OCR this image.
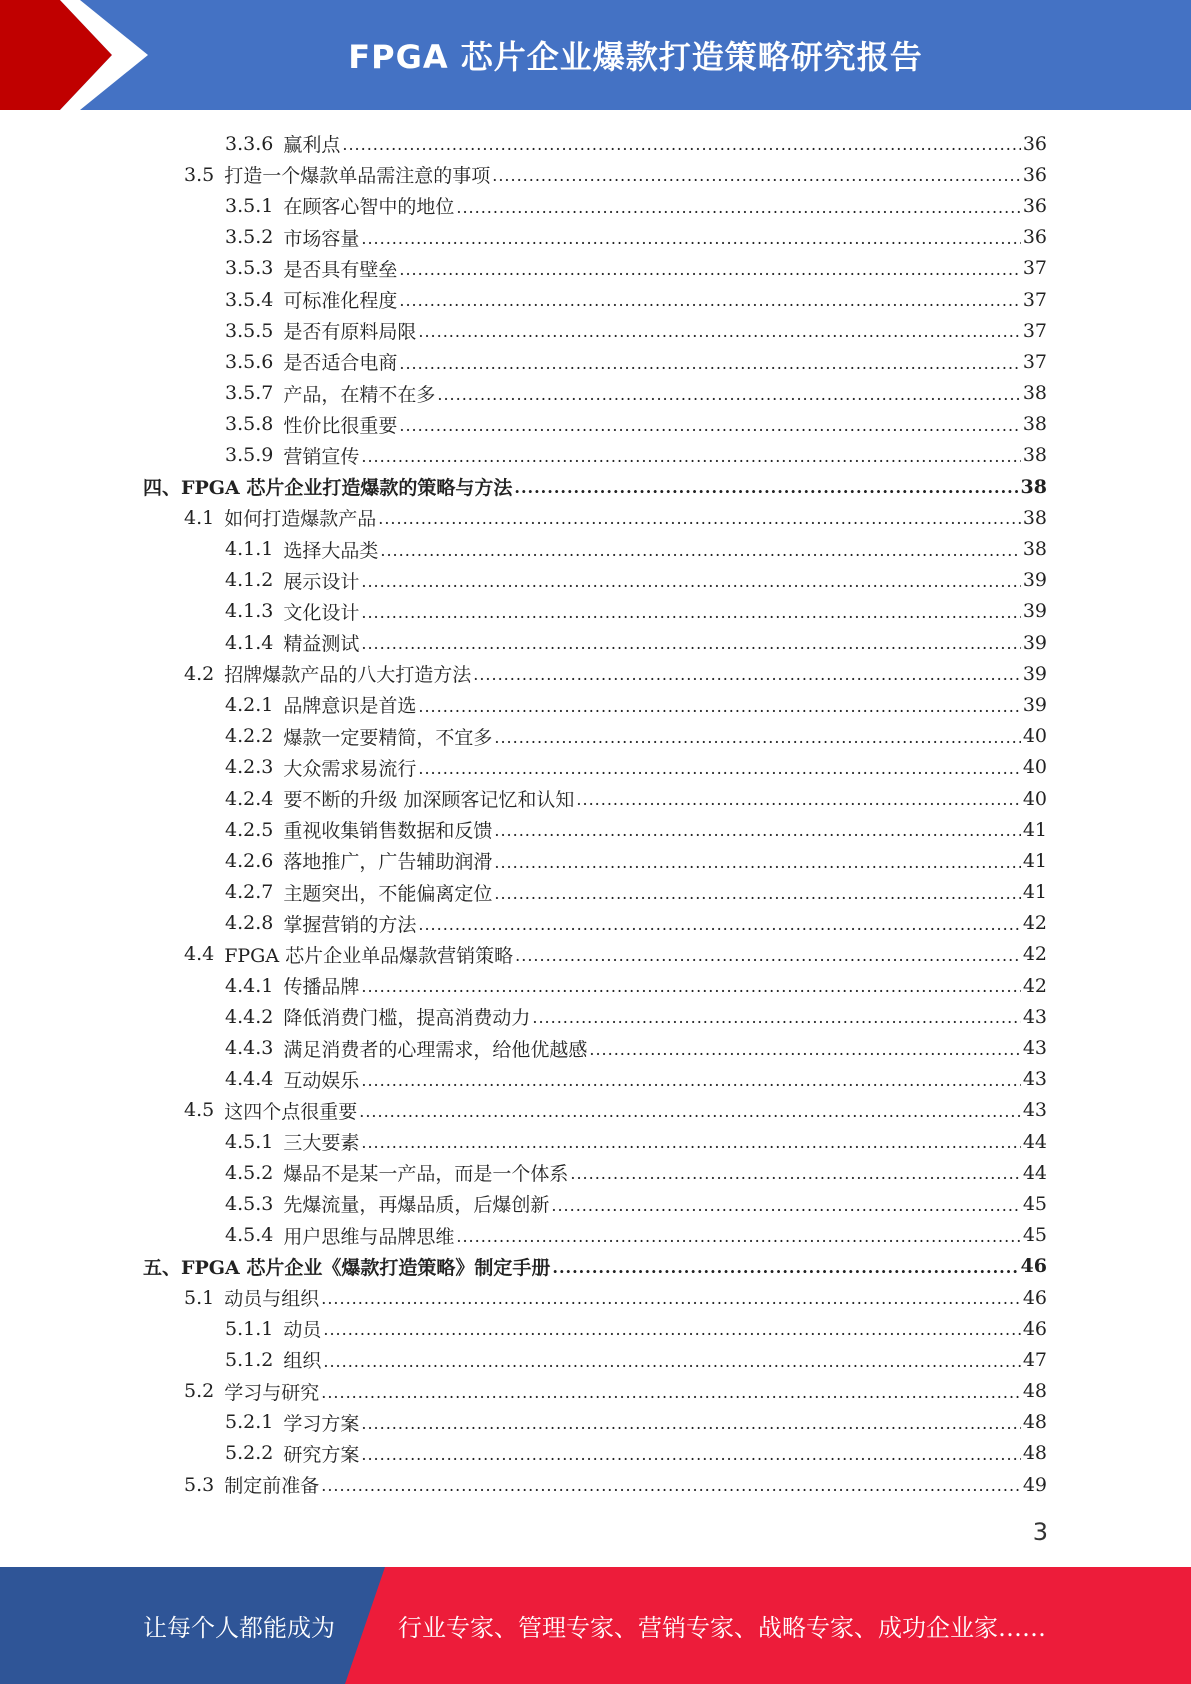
FPGA 芯片企业爆款打造策略研究报告
3.3.6 赢利点 .....	36
3.5 打造一个爆款单品需注意的事项 .....	36
3.5.1 在顾客心智中的地位 .....	36
3.5.2 市场容量 .....	36
3.5.3 是否具有壁垒 .....	37
3.5.4 可标准化程度 .....	37
3.5.5 是否有原料局限 .....	37
3.5.6 是否适合电商 .....	37
3.5.7 产品，在精不在多 .....	38
3.5.8 性价比很重要 .....	38
3.5.9 营销宣传 .....	38
四、 FPGA 芯片企业打造爆款的策略与方法 .....	38
4.1 如何打造爆款产品 .....	38
4.1.1 选择大品类 .....	38
4.1.2 展示设计 .....	39
4.1.3 文化设计 .....	39
4.1.4 精益测试 .....	39
4.2 招牌爆款产品的八大打造方法 .....	39
4.2.1 品牌意识是首选 .....	39
4.2.2 爆款一定要精简，不宜多 .....	40
4.2.3 大众需求易流行 .....	40
4.2.4 要不断的升级 加深顾客记忆和认知 .....	40
4.2.5 重视收集销售数据和反馈 .....	41
4.2.6 落地推广，广告辅助润滑 .....	41
4.2.7 主题突出，不能偏离定位 .....	41
4.2.8 掌握营销的方法 .....	42
4.4 FPGA 芯片企业单品爆款营销策略 .....	42
4.4.1 传播品牌 .....	42
4.4.2 降低消费门槛，提高消费动力 .....	43
4.4.3 满足消费者的心理需求，给他优越感 .....	43
4.4.4 互动娱乐 .....	43
4.5 这四个点很重要 .....	43
4.5.1 三大要素 .....	44
4.5.2 爆品不是某一产品，而是一个体系 .....	44
4.5.3 先爆流量，再爆品质，后爆创新 .....	45
4.5.4 用户思维与品牌思维 .....	45
五、 FPGA 芯片企业《爆款打造策略》制定手册 .....	46
5.1 动员与组织 .....	46
5.1.1 动员 .....	46
5.1.2 组织 .....	47
5.2 学习与研究 .....	48
5.2.1 学习方案 .....	48
5.2.2 研究方案 .....	48
5.3 制定前准备 .....	49
3
让每个人都能成为	行业专家、管理专家、营销专家、战略专家、成功企业家……
